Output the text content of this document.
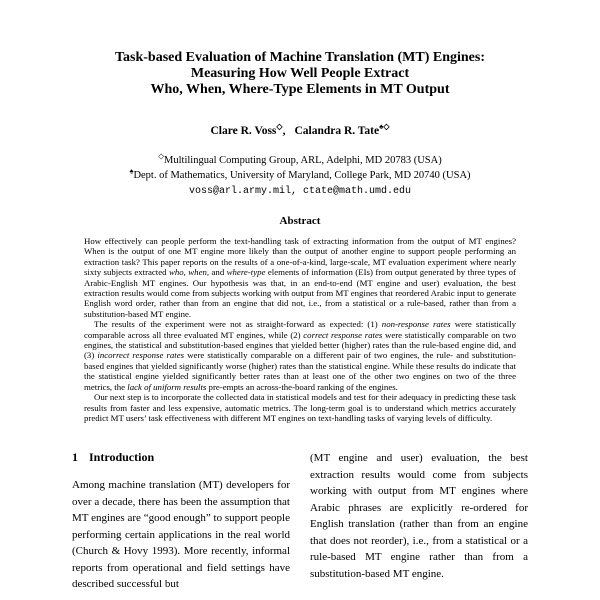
Task-based Evaluation of Machine Translation (MT) Engines:
Measuring How Well People Extract
Who, When, Where-Type Elements in MT Output
Clare R. Voss◇, Calandra R. Tate♠◇
◇Multilingual Computing Group, ARL, Adelphi, MD 20783 (USA)
♠Dept. of Mathematics, University of Maryland, College Park, MD 20740 (USA)
voss@arl.army.mil, ctate@math.umd.edu
Abstract

How effectively can people perform the text-handling task of extracting information from the output of MT engines? When is the output of one MT engine more likely than the output of another engine to support people performing an extraction task? This paper reports on the results of a one-of-a-kind, large-scale, MT evaluation experiment where nearly sixty subjects extracted who, when, and where-type elements of information (EIs) from output generated by three types of Arabic-English MT engines. Our hypothesis was that, in an end-to-end (MT engine and user) evaluation, the best extraction results would come from subjects working with output from MT engines that reordered Arabic input to generate English word order, rather than from an engine that did not, i.e., from a statistical or a rule-based, rather than from a substitution-based MT engine.

The results of the experiment were not as straight-forward as expected: (1) non-response rates were statistically comparable across all three evaluated MT engines, while (2) correct response rates were statistically comparable on two engines, the statistical and substitution-based engines that yielded better (higher) rates than the rule-based engine did, and (3) incorrect response rates were statistically comparable on a different pair of two engines, the rule- and substitution-based engines that yielded significantly worse (higher) rates than the statistical engine. While these results do indicate that the statistical engine yielded significantly better rates than at least one of the other two engines on two of the three metrics, the lack of uniform results pre-empts an across-the-board ranking of the engines.

Our next step is to incorporate the collected data in statistical models and test for their adequacy in predicting these task results from faster and less expensive, automatic metrics. The long-term goal is to understand which metrics accurately predict MT users’ task effectiveness with different MT engines on text-handling tasks of varying levels of difficulty.

1 Introduction

Among machine translation (MT) developers for over a decade, there has been the assumption that MT engines are “good enough” to support people performing certain applications in the real world (Church & Hovy 1993). More recently, informal reports from operational and field settings have described successful but

(MT engine and user) evaluation, the best extraction results would come from subjects working with output from MT engines where Arabic phrases are explicitly re-ordered for English translation (rather than from an engine that does not reorder), i.e., from a statistical or a rule-based MT engine rather than from a substitution-based MT engine.
